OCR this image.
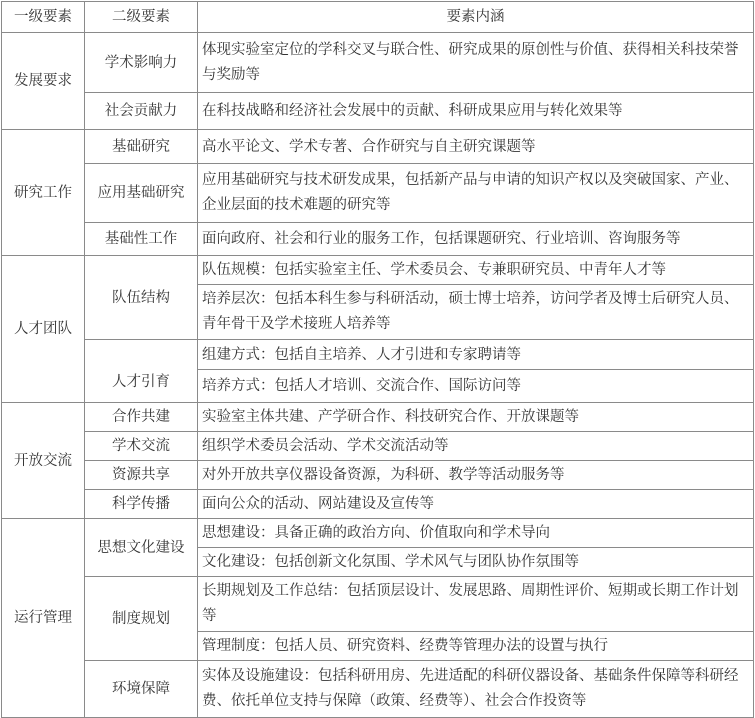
一级要素	二级要素	要素内涵
发展要求	学术影响力	体现实验室定位的学科交叉与联合性、研究成果的原创性与价值、获得相关科技荣誉与奖励等
	社会贡献力	在科技战略和经济社会发展中的贡献、科研成果应用与转化效果等
研究工作	基础研究	高水平论文、学术专著、合作研究与自主研究课题等
	应用基础研究	应用基础研究与技术研发成果，包括新产品与申请的知识产权以及突破国家、产业、企业层面的技术难题的研究等
	基础性工作	面向政府、社会和行业的服务工作，包括课题研究、行业培训、咨询服务等
人才团队	队伍结构	队伍规模：包括实验室主任、学术委员会、专兼职研究员、中青年人才等
		培养层次：包括本科生参与科研活动，硕士博士培养，访问学者及博士后研究人员、青年骨干及学术接班人培养等
	人才引育	组建方式：包括自主培养、人才引进和专家聘请等
		培养方式：包括人才培训、交流合作、国际访问等
开放交流	合作共建	实验室主体共建、产学研合作、科技研究合作、开放课题等
	学术交流	组织学术委员会活动、学术交流活动等
	资源共享	对外开放共享仪器设备资源，为科研、教学等活动服务等
	科学传播	面向公众的活动、网站建设及宣传等
运行管理	思想文化建设	思想建设：具备正确的政治方向、价值取向和学术导向
		文化建设：包括创新文化氛围、学术风气与团队协作氛围等
	制度规划	长期规划及工作总结：包括顶层设计、发展思路、周期性评价、短期或长期工作计划等
		管理制度：包括人员、研究资料、经费等管理办法的设置与执行
	环境保障	实体及设施建设：包括科研用房、先进适配的科研仪器设备、基础条件保障等科研经费、依托单位支持与保障（政策、经费等）、社会合作投资等
